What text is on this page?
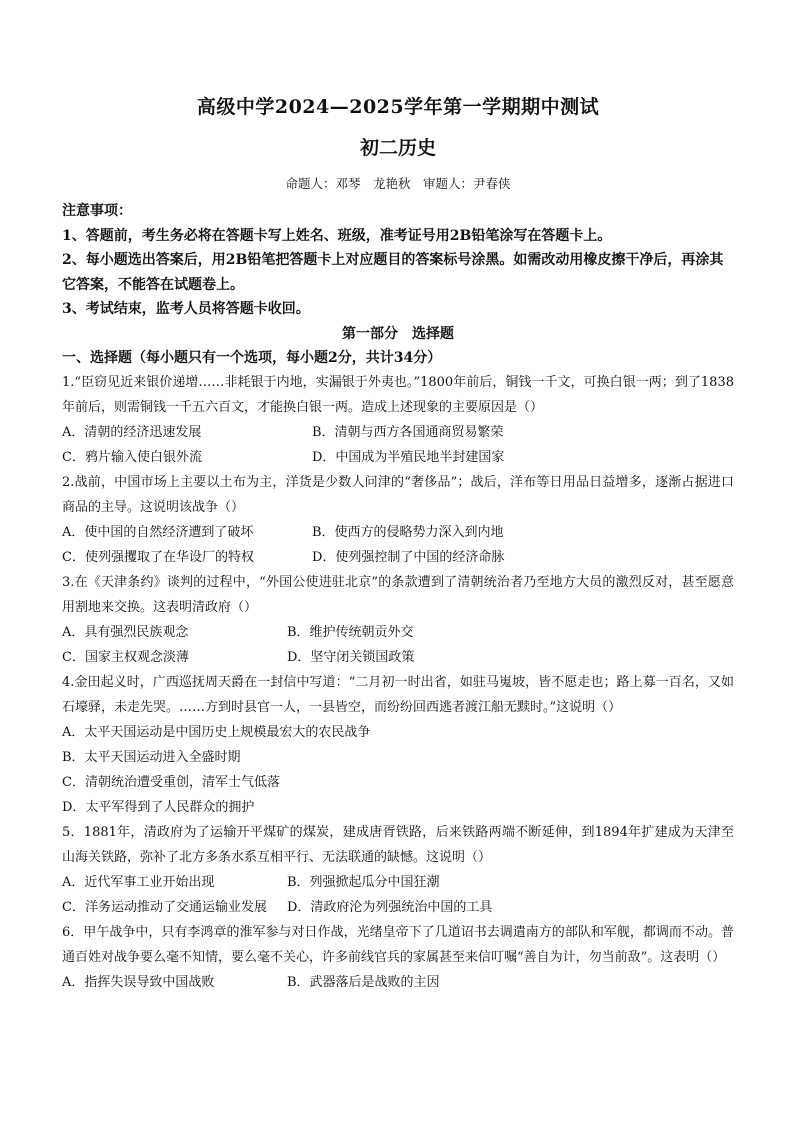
高级中学2024—2025学年第一学期期中测试
初二历史
命题人：邓琴　龙艳秋　审题人：尹春侠
注意事项：
1、答题前，考生务必将在答题卡写上姓名、班级，准考证号用2B铅笔涂写在答题卡上。
2、每小题选出答案后，用2B铅笔把答题卡上对应题目的答案标号涂黑。如需改动用橡皮擦干净后，再涂其它答案，不能答在试题卷上。
3、考试结束，监考人员将答题卡收回。
第一部分　选择题
一、选择题（每小题只有一个选项，每小题2分，共计34分）
1.“臣窃见近来银价递增……非耗银于内地，实漏银于外夷也。”1800年前后，铜钱一千文，可换白银一两；到了1838年前后，则需铜钱一千五六百文，才能换白银一两。造成上述现象的主要原因是（）
A．清朝的经济迅速发展	B．清朝与西方各国通商贸易繁荣
C．鸦片输入使白银外流	D．中国成为半殖民地半封建国家
2.战前，中国市场上主要以土布为主，洋货是少数人问津的“奢侈品”；战后，洋布等日用品日益增多，逐渐占据进口商品的主导。这说明该战争（）
A．使中国的自然经济遭到了破坏	B．使西方的侵略势力深入到内地
C．使列强攫取了在华设厂的特权	D．使列强控制了中国的经济命脉
3.在《天津条约》谈判的过程中，“外国公使进驻北京”的条款遭到了清朝统治者乃至地方大员的激烈反对，甚至愿意用割地来交换。这表明清政府（）
A．具有强烈民族观念	B．维护传统朝贡外交
C．国家主权观念淡薄	D．坚守闭关锁国政策
4.金田起义时，广西巡抚周天爵在一封信中写道：“二月初一时出省，如驻马嵬坡，皆不愿走也；路上募一百名，又如石壕驿，未走先哭。……方到时县官一人，一县皆空，而纷纷回西逃者渡江船无黩时。”这说明（）
A．太平天国运动是中国历史上规模最宏大的农民战争
B．太平天国运动进入全盛时期
C．清朝统治遭受重创，清军士气低落
D．太平军得到了人民群众的拥护
5．1881年，清政府为了运输开平煤矿的煤炭，建成唐胥铁路，后来铁路两端不断延伸，到1894年扩建成为天津至山海关铁路，弥补了北方多条水系互相平行、无法联通的缺憾。这说明（）
A．近代军事工业开始出现	B．列强掀起瓜分中国狂潮
C．洋务运动推动了交通运输业发展	D．清政府沦为列强统治中国的工具
6．甲午战争中，只有李鸿章的淮军参与对日作战，光绪皇帝下了几道诏书去调遣南方的部队和军舰，都调而不动。普通百姓对战争要么毫不知情，要么毫不关心，许多前线官兵的家属甚至来信叮嘱“善自为计，勿当前敌”。这表明（）
A．指挥失误导致中国战败	B．武器落后是战败的主因
